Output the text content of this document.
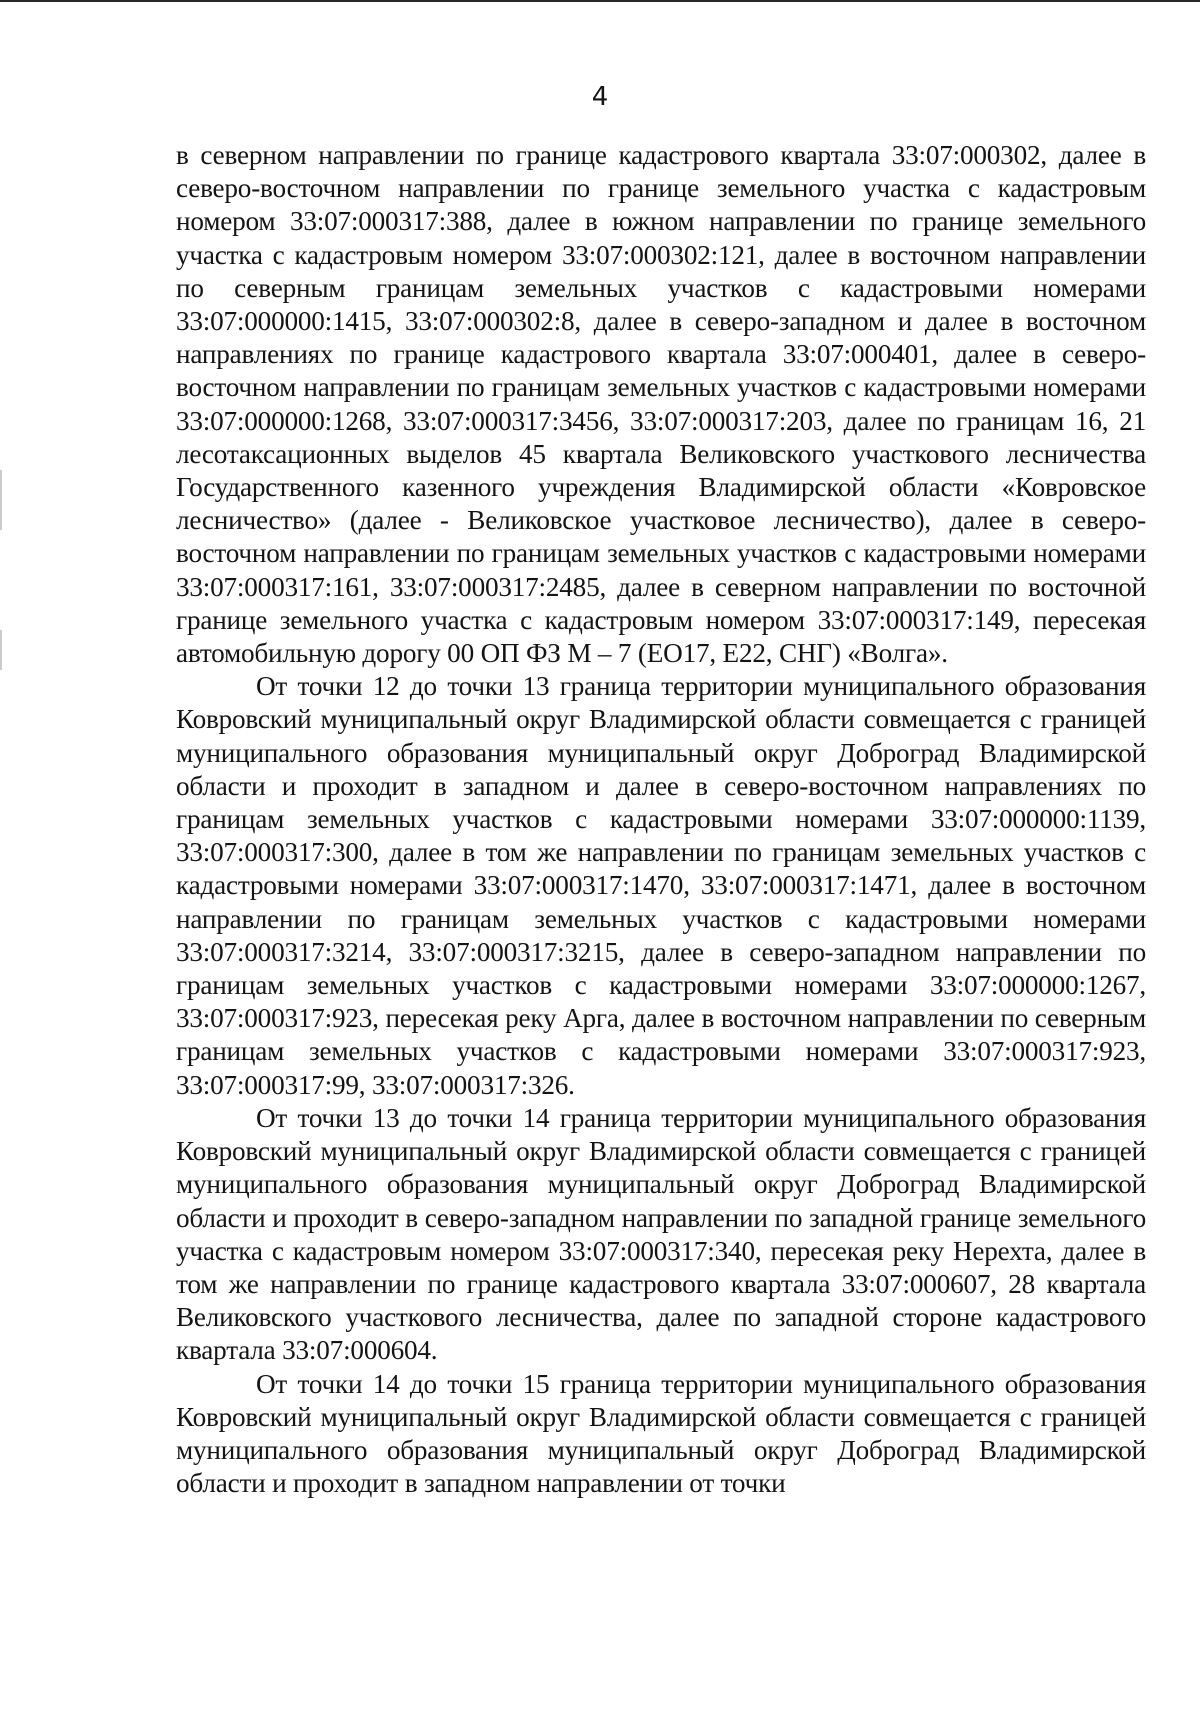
4

в северном направлении по границе кадастрового квартала 33:07:000302, далее в северо-восточном направлении по границе земельного участка с кадастровым номером 33:07:000317:388, далее в южном направлении по границе земельного участка с кадастровым номером 33:07:000302:121, далее в восточном направлении по северным границам земельных участков с кадастровыми номерами 33:07:000000:1415, 33:07:000302:8, далее в северо-западном и далее в восточном направлениях по границе кадастрового квартала 33:07:000401, далее в северо-восточном направлении по границам земельных участков с кадастровыми номерами 33:07:000000:1268, 33:07:000317:3456, 33:07:000317:203, далее по границам 16, 21 лесотаксационных выделов 45 квартала Великовского участкового лесничества Государственного казенного учреждения Владимирской области «Ковровское лесничество» (далее - Великовское участковое лесничество), далее в северо-восточном направлении по границам земельных участков с кадастровыми номерами 33:07:000317:161, 33:07:000317:2485, далее в северном направлении по восточной границе земельного участка с кадастровым номером 33:07:000317:149, пересекая автомобильную дорогу 00 ОП ФЗ М – 7 (ЕО17, Е22, СНГ) «Волга».

От точки 12 до точки 13 граница территории муниципального образования Ковровский муниципальный округ Владимирской области совмещается с границей муниципального образования муниципальный округ Доброград Владимирской области и проходит в западном и далее в северо-восточном направлениях по границам земельных участков с кадастровыми номерами 33:07:000000:1139, 33:07:000317:300, далее в том же направлении по границам земельных участков с кадастровыми номерами 33:07:000317:1470, 33:07:000317:1471, далее в восточном направлении по границам земельных участков с кадастровыми номерами 33:07:000317:3214, 33:07:000317:3215, далее в северо-западном направлении по границам земельных участков с кадастровыми номерами 33:07:000000:1267, 33:07:000317:923, пересекая реку Арга, далее в восточном направлении по северным границам земельных участков с кадастровыми номерами 33:07:000317:923, 33:07:000317:99, 33:07:000317:326.

От точки 13 до точки 14 граница территории муниципального образования Ковровский муниципальный округ Владимирской области совмещается с границей муниципального образования муниципальный округ Доброград Владимирской области и проходит в северо-западном направлении по западной границе земельного участка с кадастровым номером 33:07:000317:340, пересекая реку Нерехта, далее в том же направлении по границе кадастрового квартала 33:07:000607, 28 квартала Великовского участкового лесничества, далее по западной стороне кадастрового квартала 33:07:000604.

От точки 14 до точки 15 граница территории муниципального образования Ковровский муниципальный округ Владимирской области совмещается с границей муниципального образования муниципальный округ Доброград Владимирской области и проходит в западном направлении от точки
